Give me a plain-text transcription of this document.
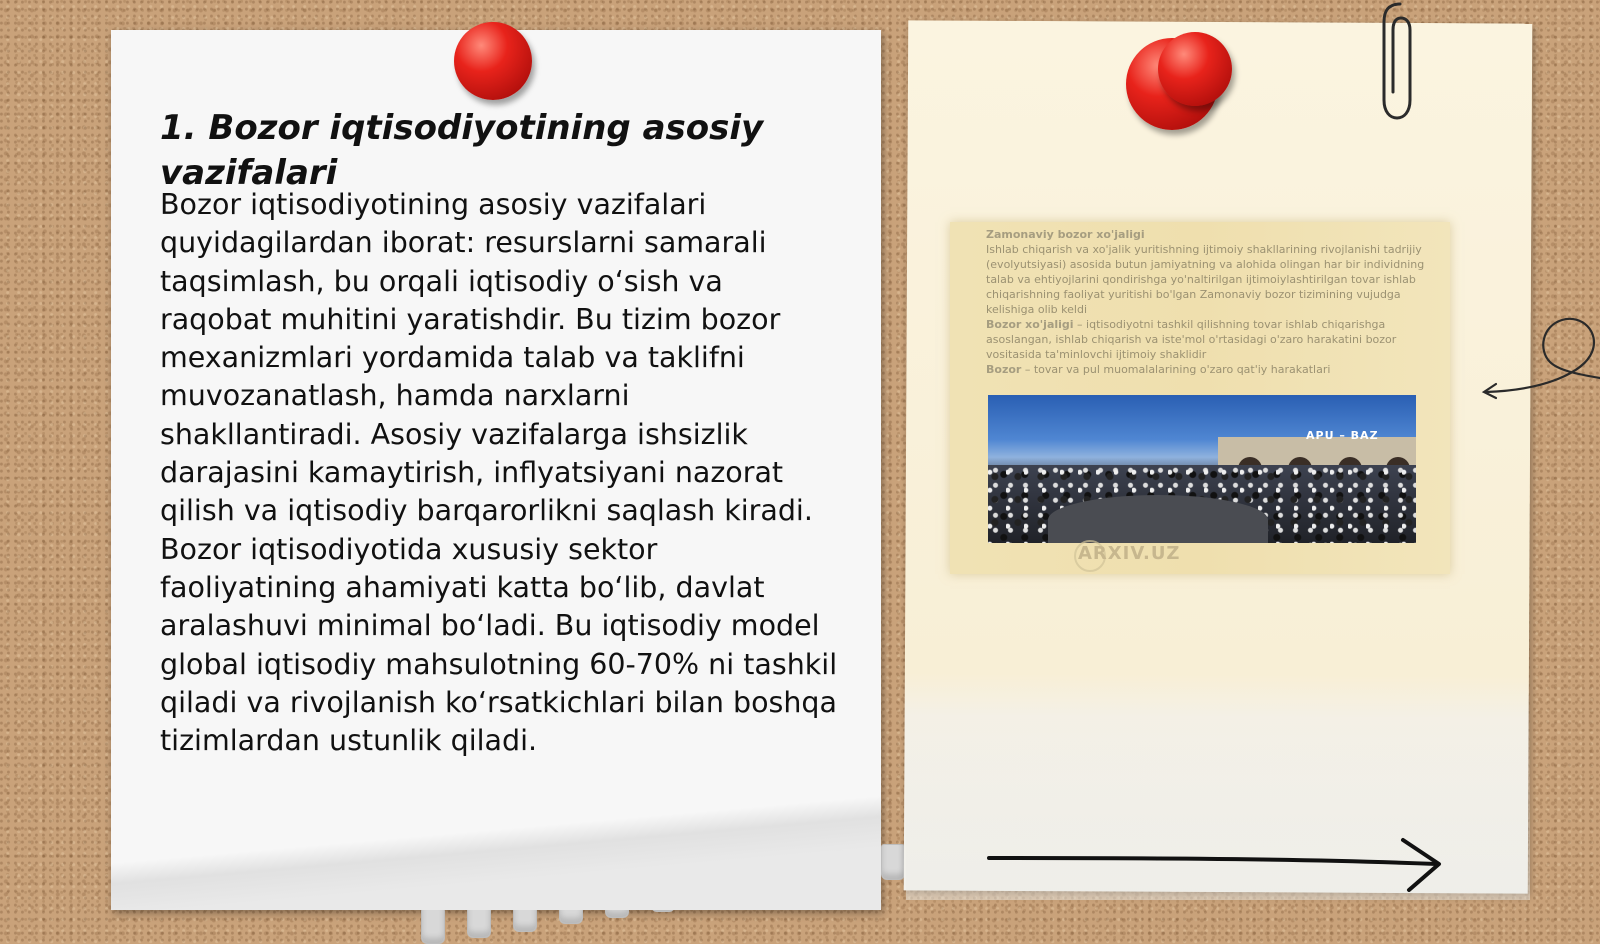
1. Bozor iqtisodiyotining asosiy vazifalari

Bozor iqtisodiyotining asosiy vazifalari quyidagilardan iborat: resurslarni samarali taqsimlash, bu orqali iqtisodiy o‘sish va raqobat muhitini yaratishdir. Bu tizim bozor mexanizmlari yordamida talab va taklifni muvozanatlash, hamda narxlarni shakllantiradi. Asosiy vazifalarga ishsizlik darajasini kamaytirish, inflyatsiyani nazorat qilish va iqtisodiy barqarorlikni saqlash kiradi. Bozor iqtisodiyotida xususiy sektor faoliyatining ahamiyati katta bo‘lib, davlat aralashuvi minimal bo‘ladi. Bu iqtisodiy model global iqtisodiy mahsulotning 60-70% ni tashkil qiladi va rivojlanish ko‘rsatkichlari bilan boshqa tizimlardan ustunlik qiladi.

Zamonaviy bozor xo'jaligi

Ishlab chiqarish va xo'jalik yuritishning ijtimoiy shakllarining rivojlanishi tadrijiy (evolyutsiyasi) asosida butun jamiyatning va alohida olingan har bir individning talab va ehtiyojlarini qondirishga yo'naltirilgan ijtimoiylashtirilgan tovar ishlab chiqarishning faoliyat yuritishi bo'lgan Zamonaviy bozor tizimining vujudga kelishiga olib keldi

Bozor xo'jaligi – iqtisodiyotni tashkil qilishning tovar ishlab chiqarishga asoslangan, ishlab chiqarish va iste'mol o'rtasidagi o'zaro harakatini bozor vositasida ta'minlovchi ijtimoiy shaklidir

Bozor – tovar va pul muomalalarining o'zaro qat'iy harakatlari

APU – BAZ
ARXIV.UZ
